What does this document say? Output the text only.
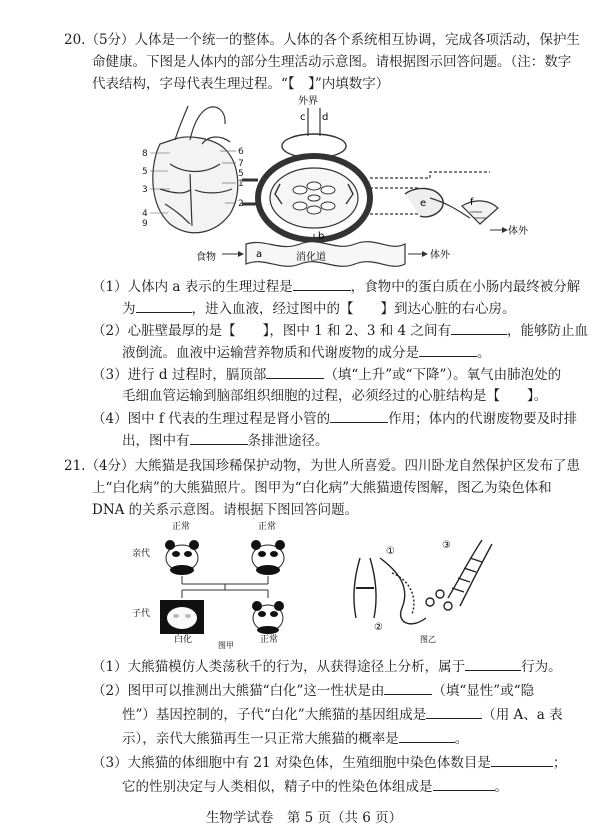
20.（5分）人体是一个统一的整体。人体的各个系统相互协调，完成各项活动，保护生
命健康。下图是人体内的部分生理活动示意图。请根据图示回答问题。（注：数字
代表结构，字母代表生理过程。“【　】”内填数字）
8
5
3
4
9
6
7
5
1
2
外界
c d
e	f
体外
食物	a	消化道
b
体外
（1）人体内 a 表示的生理过程是	，食物中的蛋白质在小肠内最终被分解
为	，进入血液，经过图中的【　　】到达心脏的右心房。
（2）心脏壁最厚的是【　　】，图中 1 和 2、3 和 4 之间有	，能够防止血
液倒流。血液中运输营养物质和代谢废物的成分是	。
（3）进行 d 过程时，膈顶部	（填“上升”或“下降”）。氧气由肺泡处的
毛细血管运输到脑部组织细胞的过程，必须经过的心脏结构是【　　】。
（4）图中 f 代表的生理过程是肾小管的	作用；体内的代谢废物要及时排
出，图中有	条排泄途径。
21.（4分）大熊猫是我国珍稀保护动物，为世人所喜爱。四川卧龙自然保护区发布了患
上“白化病”的大熊猫照片。图甲为“白化病”大熊猫遗传图解，图乙为染色体和
DNA 的关系示意图。请根据下图回答问题。
正常	正常
亲代
子代
白化	正常
图甲
①
②
③
图乙
（1）大熊猫模仿人类荡秋千的行为，从获得途径上分析，属于	行为。
（2）图甲可以推测出大熊猫“白化”这一性状是由	（填“显性”或“隐
性”）基因控制的，子代“白化”大熊猫的基因组成是	（用 A、a 表
示），亲代大熊猫再生一只正常大熊猫的概率是	。
（3）大熊猫的体细胞中有 21 对染色体，生殖细胞中染色体数目是	；
它的性别决定与人类相似，精子中的性染色体组成是	。
生物学试卷　第 5 页（共 6 页）
